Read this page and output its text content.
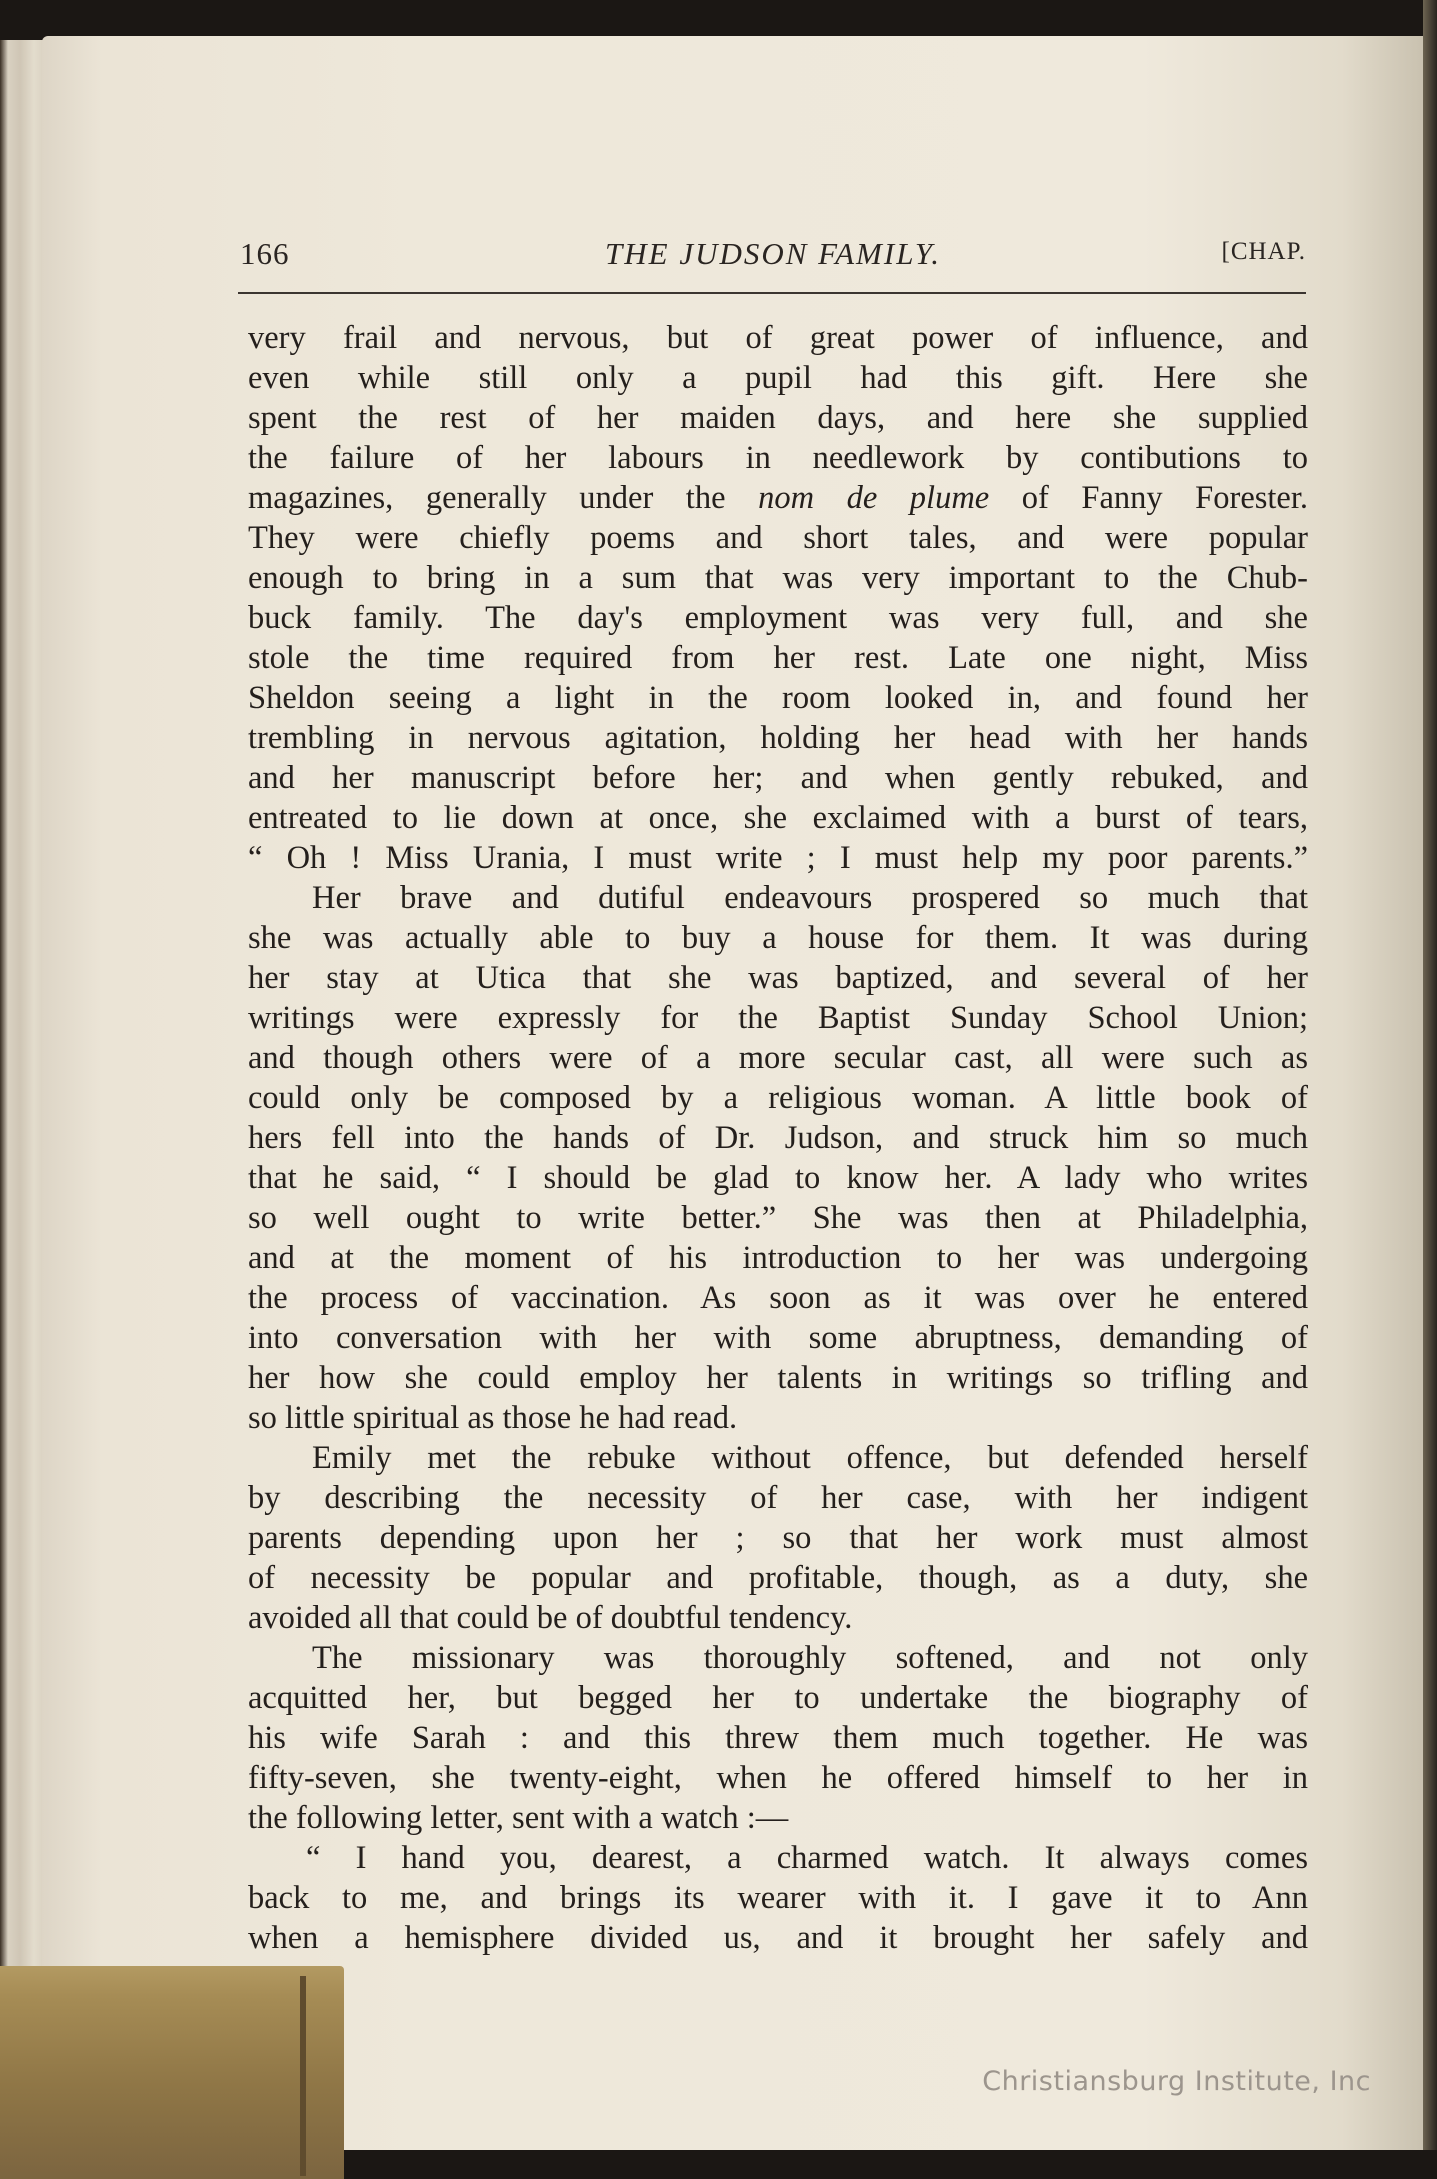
166	THE JUDSON FAMILY.	[CHAP.
very frail and nervous, but of great power of influence, and
even while still only a pupil had this gift. Here she
spent the rest of her maiden days, and here she supplied
the failure of her labours in needlework by contibutions to
magazines, generally under the nom de plume of Fanny Forester.
They were chiefly poems and short tales, and were popular
enough to bring in a sum that was very important to the Chub-
buck family. The day's employment was very full, and she
stole the time required from her rest. Late one night, Miss
Sheldon seeing a light in the room looked in, and found her
trembling in nervous agitation, holding her head with her hands
and her manuscript before her; and when gently rebuked, and
entreated to lie down at once, she exclaimed with a burst of tears,
“ Oh ! Miss Urania, I must write ; I must help my poor parents.”
Her brave and dutiful endeavours prospered so much that
she was actually able to buy a house for them. It was during
her stay at Utica that she was baptized, and several of her
writings were expressly for the Baptist Sunday School Union;
and though others were of a more secular cast, all were such as
could only be composed by a religious woman. A little book of
hers fell into the hands of Dr. Judson, and struck him so much
that he said, “ I should be glad to know her. A lady who writes
so well ought to write better.” She was then at Philadelphia,
and at the moment of his introduction to her was undergoing
the process of vaccination. As soon as it was over he entered
into conversation with her with some abruptness, demanding of
her how she could employ her talents in writings so trifling and
so little spiritual as those he had read.
Emily met the rebuke without offence, but defended herself
by describing the necessity of her case, with her indigent
parents depending upon her ; so that her work must almost
of necessity be popular and profitable, though, as a duty, she
avoided all that could be of doubtful tendency.
The missionary was thoroughly softened, and not only
acquitted her, but begged her to undertake the biography of
his wife Sarah : and this threw them much together. He was
fifty-seven, she twenty-eight, when he offered himself to her in
the following letter, sent with a watch :—
“ I hand you, dearest, a charmed watch. It always comes
back to me, and brings its wearer with it. I gave it to Ann
when a hemisphere divided us, and it brought her safely and
Christiansburg Institute, Inc
